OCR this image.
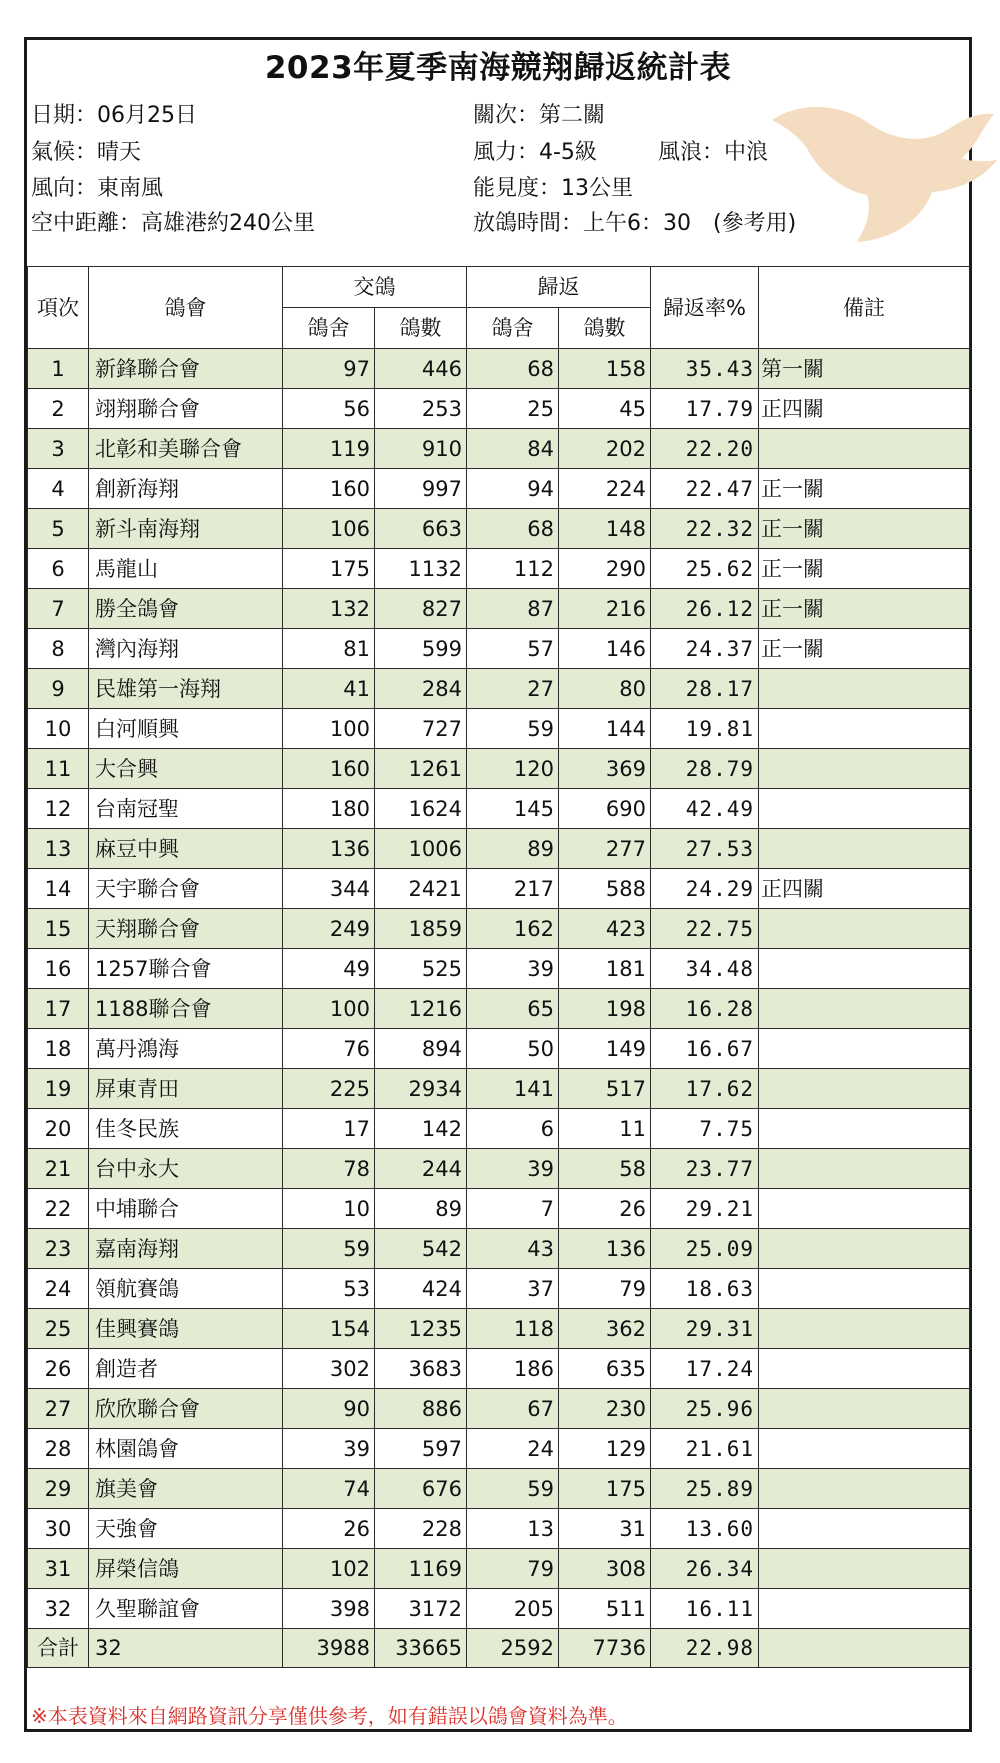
2023年夏季南海競翔歸返統計表
日期：06月25日	關次：第二關
氣候：晴天	風力：4-5級	風浪：中浪
風向：東南風	能見度：13公里
空中距離：高雄港約240公里	放鴿時間：上午6：30　(參考用)
項次	鴿會	交鴿		歸返		歸返率%	備註
		鴿舍	鴿數	鴿舍	鴿數		
1	新鋒聯合會	97	446	68	158	35.43	第一關
2	翊翔聯合會	56	253	25	45	17.79	正四關
3	北彰和美聯合會	119	910	84	202	22.20	
4	創新海翔	160	997	94	224	22.47	正一關
5	新斗南海翔	106	663	68	148	22.32	正一關
6	馬龍山	175	1132	112	290	25.62	正一關
7	勝全鴿會	132	827	87	216	26.12	正一關
8	灣內海翔	81	599	57	146	24.37	正一關
9	民雄第一海翔	41	284	27	80	28.17	
10	白河順興	100	727	59	144	19.81	
11	大合興	160	1261	120	369	28.79	
12	台南冠聖	180	1624	145	690	42.49	
13	麻豆中興	136	1006	89	277	27.53	
14	天宇聯合會	344	2421	217	588	24.29	正四關
15	天翔聯合會	249	1859	162	423	22.75	
16	1257聯合會	49	525	39	181	34.48	
17	1188聯合會	100	1216	65	198	16.28	
18	萬丹鴻海	76	894	50	149	16.67	
19	屏東青田	225	2934	141	517	17.62	
20	佳冬民族	17	142	6	11	7.75	
21	台中永大	78	244	39	58	23.77	
22	中埔聯合	10	89	7	26	29.21	
23	嘉南海翔	59	542	43	136	25.09	
24	領航賽鴿	53	424	37	79	18.63	
25	佳興賽鴿	154	1235	118	362	29.31	
26	創造者	302	3683	186	635	17.24	
27	欣欣聯合會	90	886	67	230	25.96	
28	林園鴿會	39	597	24	129	21.61	
29	旗美會	74	676	59	175	25.89	
30	天強會	26	228	13	31	13.60	
31	屏榮信鴿	102	1169	79	308	26.34	
32	久聖聯誼會	398	3172	205	511	16.11	
合計	32	3988	33665	2592	7736	22.98	
※本表資料來自網路資訊分享僅供參考，如有錯誤以鴿會資料為準。
